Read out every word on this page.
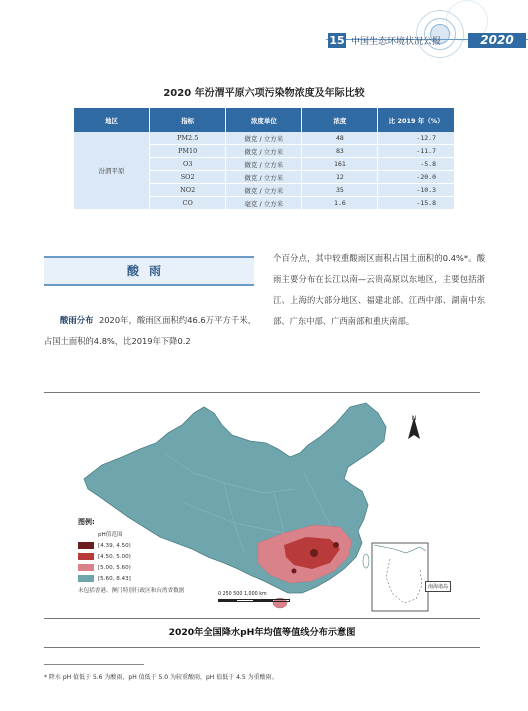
15 中国生态环境状况公报	2020
2020 年汾渭平原六项污染物浓度及年际比较
地区	指标	浓度单位	浓度	比 2019 年（%）
汾渭平原	PM2.5	微克 / 立方米	48	-12.7
	PM10	微克 / 立方米	83	-11.7
	O3	微克 / 立方米	161	-5.8
	SO2	微克 / 立方米	12	-20.0
	NO2	微克 / 立方米	35	-10.3
	CO	毫克 / 立方米	1.6	-15.8
酸雨
酸雨分布 2020年，酸雨区面积约46.6万平方千米，占国土面积的4.8%，比2019年下降0.2
个百分点，其中较重酸雨区面积占国土面积的0.4%*。酸雨主要分布在长江以南—云贵高原以东地区，主要包括浙江、上海的大部分地区、福建北部、江西中部、湖南中东部、广东中部、广西南部和重庆南部。
N
图例:
pH值范围
[4.39, 4.50)
[4.50, 5.00)
[5.00, 5.60)
[5.60, 8.43]
未包括香港、澳门特别行政区和台湾省数据
0 250 500 1,000 km
南海诸岛
2020年全国降水pH年均值等值线分布示意图
* 降水 pH 值低于 5.6 为酸雨，pH 值低于 5.0 为较重酸雨，pH 值低于 4.5 为重酸雨。
